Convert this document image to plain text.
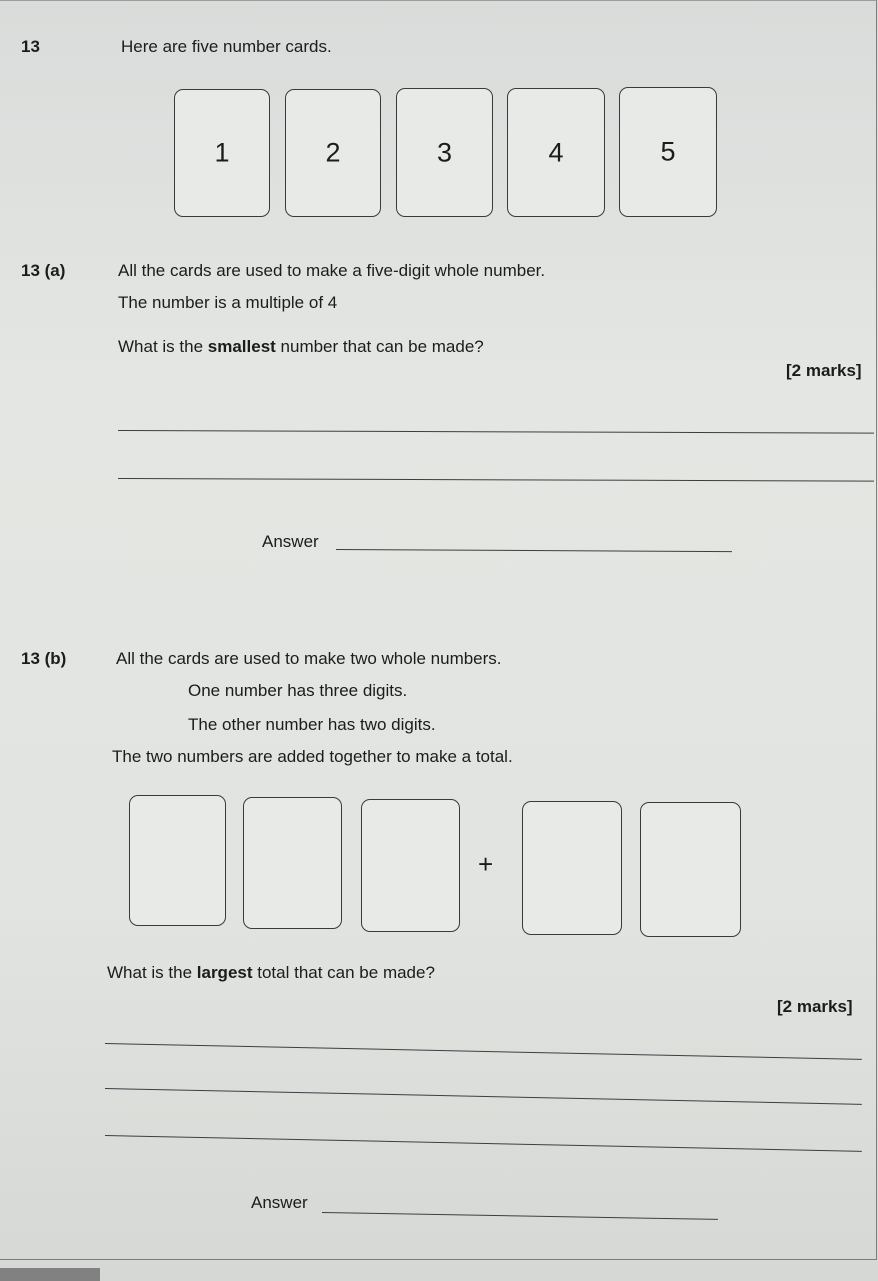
13	Here are five number cards.
1	2	3	4	5
13 (a)	All the cards are used to make a five-digit whole number.
The number is a multiple of 4
What is the smallest number that can be made?
[2 marks]
Answer
13 (b)	All the cards are used to make two whole numbers.
One number has three digits.
The other number has two digits.
The two numbers are added together to make a total.
+
What is the largest total that can be made?
[2 marks]
Answer
